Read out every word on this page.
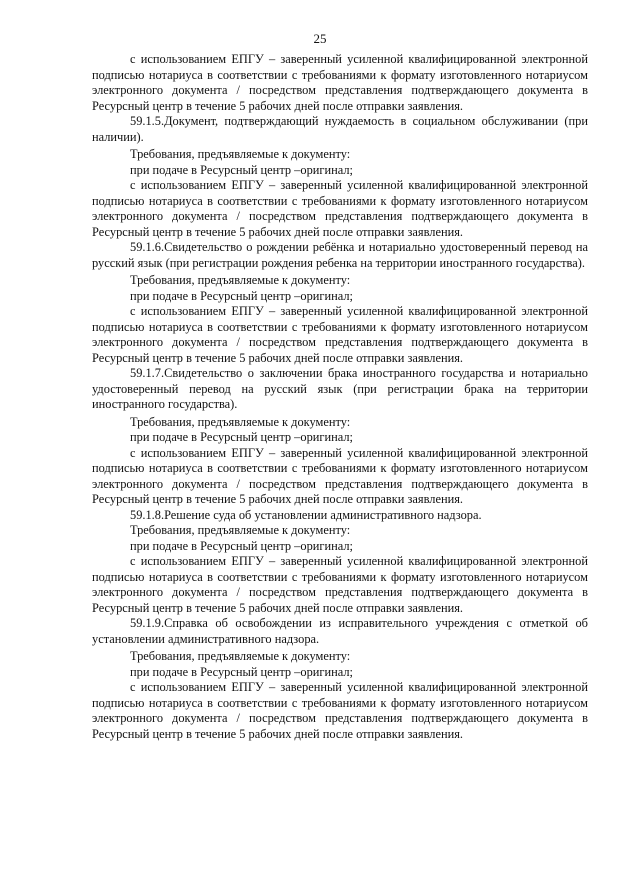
25

с использованием ЕПГУ – заверенный усиленной квалифицированной электронной подписью нотариуса в соответствии с требованиями к формату изготовленного нотариусом электронного документа / посредством представления подтверждающего документа в Ресурсный центр в течение 5 рабочих дней после отправки заявления.

59.1.5.Документ, подтверждающий нуждаемость в социальном обслуживании (при наличии).

Требования, предъявляемые к документу:

при подаче в Ресурсный центр –оригинал;

с использованием ЕПГУ – заверенный усиленной квалифицированной электронной подписью нотариуса в соответствии с требованиями к формату изготовленного нотариусом электронного документа / посредством представления подтверждающего документа в Ресурсный центр в течение 5 рабочих дней после отправки заявления.

59.1.6.Свидетельство о рождении ребёнка и нотариально удостоверенный перевод на русский язык (при регистрации рождения ребенка на территории иностранного государства).

Требования, предъявляемые к документу:

при подаче в Ресурсный центр –оригинал;

с использованием ЕПГУ – заверенный усиленной квалифицированной электронной подписью нотариуса в соответствии с требованиями к формату изготовленного нотариусом электронного документа / посредством представления подтверждающего документа в Ресурсный центр в течение 5 рабочих дней после отправки заявления.

59.1.7.Свидетельство о заключении брака иностранного государства и нотариально удостоверенный перевод на русский язык (при регистрации брака на территории иностранного государства).

Требования, предъявляемые к документу:

при подаче в Ресурсный центр –оригинал;

с использованием ЕПГУ – заверенный усиленной квалифицированной электронной подписью нотариуса в соответствии с требованиями к формату изготовленного нотариусом электронного документа / посредством представления подтверждающего документа в Ресурсный центр в течение 5 рабочих дней после отправки заявления.

59.1.8.Решение суда об установлении административного надзора.

Требования, предъявляемые к документу:

при подаче в Ресурсный центр –оригинал;

с использованием ЕПГУ – заверенный усиленной квалифицированной электронной подписью нотариуса в соответствии с требованиями к формату изготовленного нотариусом электронного документа / посредством представления подтверждающего документа в Ресурсный центр в течение 5 рабочих дней после отправки заявления.

59.1.9.Справка об освобождении из исправительного учреждения с отметкой об установлении административного надзора.

Требования, предъявляемые к документу:

при подаче в Ресурсный центр –оригинал;

с использованием ЕПГУ – заверенный усиленной квалифицированной электронной подписью нотариуса в соответствии с требованиями к формату изготовленного нотариусом электронного документа / посредством представления подтверждающего документа в Ресурсный центр в течение 5 рабочих дней после отправки заявления.
